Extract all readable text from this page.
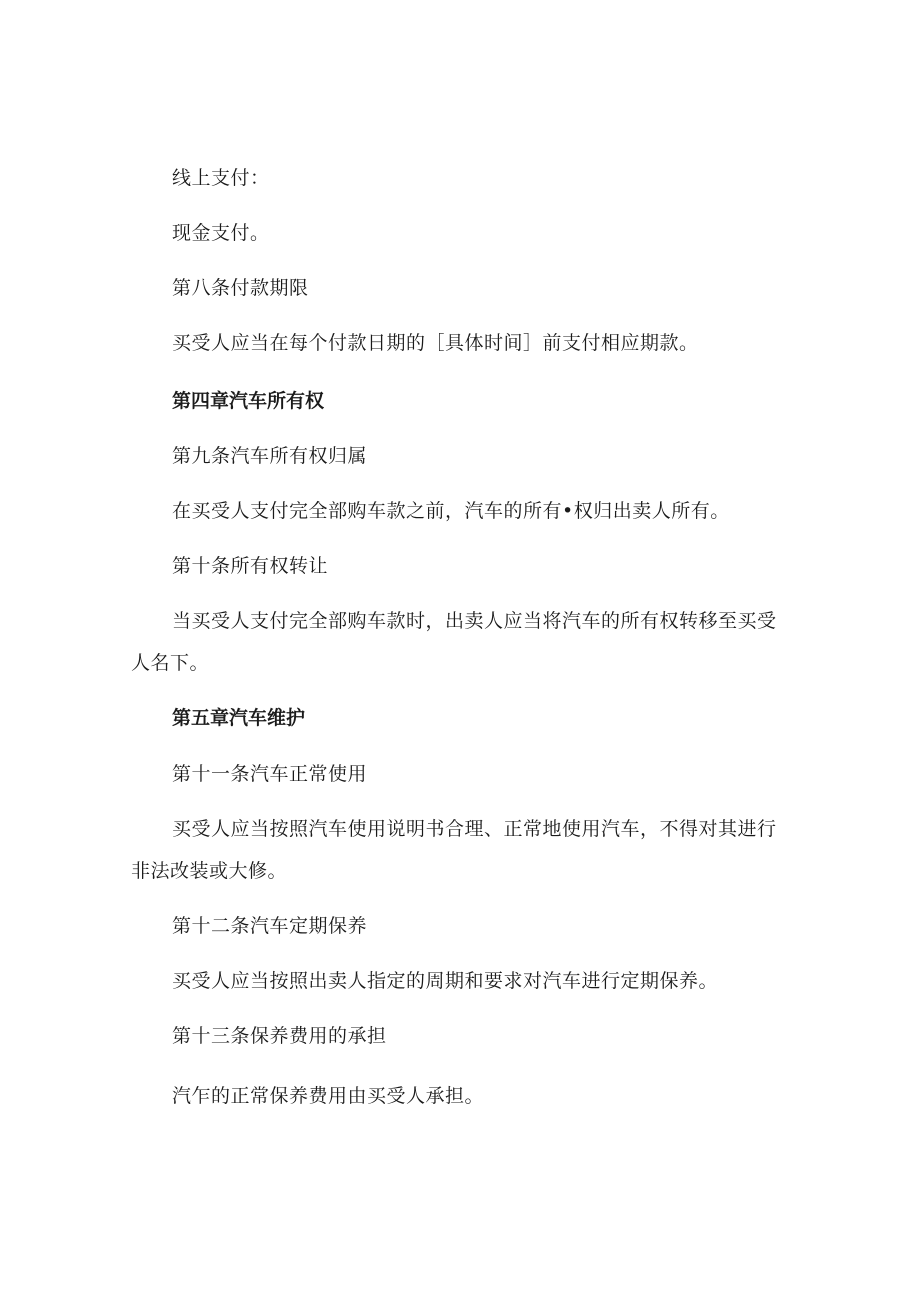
线上支付：
现金支付。
第八条付款期限
买受人应当在每个付款日期的［具体时间］前支付相应期款。
第四章汽车所有权
第九条汽车所有权归属
在买受人支付完全部购车款之前，汽车的所有•权归出卖人所有。
第十条所有权转让
当买受人支付完全部购车款时，出卖人应当将汽车的所有权转移至买受人名下。
第五章汽车维护
第十一条汽车正常使用
买受人应当按照汽车使用说明书合理、正常地使用汽车，不得对其进行非法改装或大修。
第十二条汽车定期保养
买受人应当按照出卖人指定的周期和要求对汽车进行定期保养。
第十三条保养费用的承担
汽乍的正常保养费用由买受人承担。
